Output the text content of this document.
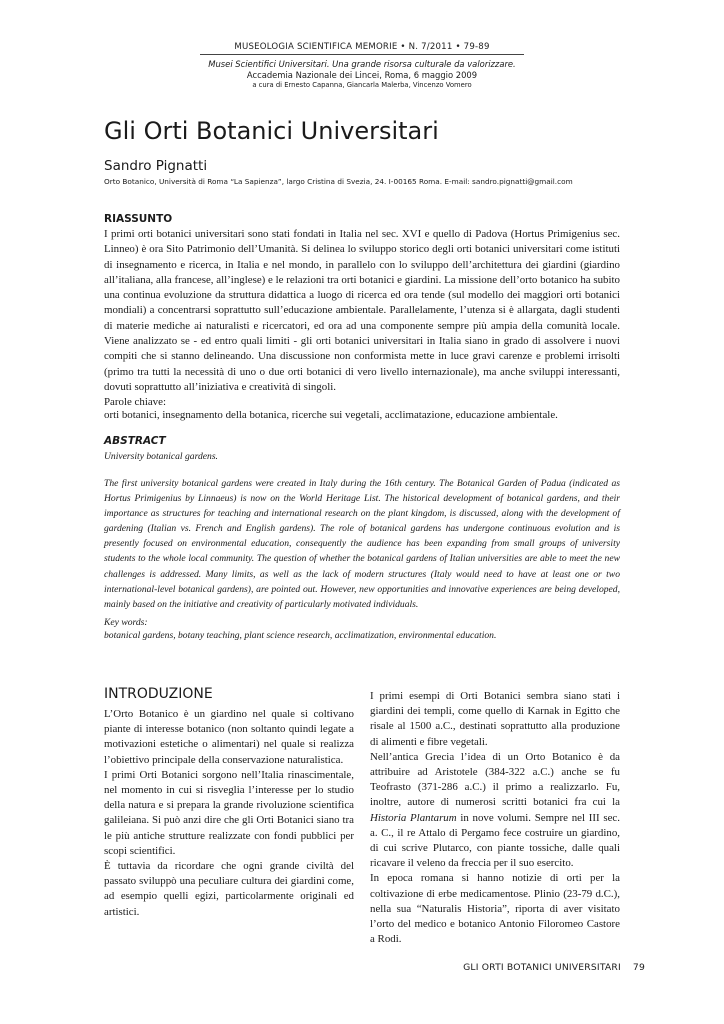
MUSEOLOGIA SCIENTIFICA MEMORIE • N. 7/2011 • 79-89
Musei Scientifici Universitari. Una grande risorsa culturale da valorizzare.
Accademia Nazionale dei Lincei, Roma, 6 maggio 2009
a cura di Ernesto Capanna, Giancarla Malerba, Vincenzo Vomero
Gli Orti Botanici Universitari
Sandro Pignatti
Orto Botanico, Università di Roma “La Sapienza”, largo Cristina di Svezia, 24. I-00165 Roma. E-mail: sandro.pignatti@gmail.com
RIASSUNTO
I primi orti botanici universitari sono stati fondati in Italia nel sec. XVI e quello di Padova (Hortus Primigenius sec. Linneo) è ora Sito Patrimonio dell’Umanità. Si delinea lo sviluppo storico degli orti botanici universitari come istituti di insegnamento e ricerca, in Italia e nel mondo, in parallelo con lo sviluppo dell’architettura dei giardini (giardino all’italiana, alla francese, all’inglese) e le relazioni tra orti botanici e giardini. La missione dell’orto botanico ha subito una continua evoluzione da struttura didattica a luogo di ricerca ed ora tende (sul modello dei maggiori orti botanici mondiali) a concentrarsi soprattutto sull’educazione ambientale. Parallelamente, l’utenza si è allargata, dagli studenti di materie mediche ai naturalisti e ricercatori, ed ora ad una componente sempre più ampia della comunità locale. Viene analizzato se - ed entro quali limiti - gli orti botanici universitari in Italia siano in grado di assolvere i nuovi compiti che si stanno delineando. Una discussione non conformista mette in luce gravi carenze e problemi irrisolti (primo tra tutti la necessità di uno o due orti botanici di vero livello internazionale), ma anche sviluppi interessanti, dovuti soprattutto all’iniziativa e creatività di singoli.
Parole chiave:
orti botanici, insegnamento della botanica, ricerche sui vegetali, acclimatazione, educazione ambientale.
ABSTRACT
University botanical gardens.
The first university botanical gardens were created in Italy during the 16th century. The Botanical Garden of Padua (indicated as Hortus Primigenius by Linnaeus) is now on the World Heritage List. The historical development of botanical gardens, and their importance as structures for teaching and international research on the plant kingdom, is discussed, along with the development of gardening (Italian vs. French and English gardens). The role of botanical gardens has undergone continuous evolution and is presently focused on environmental education, consequently the audience has been expanding from small groups of university students to the whole local community. The question of whether the botanical gardens of Italian universities are able to meet the new challenges is addressed. Many limits, as well as the lack of modern structures (Italy would need to have at least one or two international-level botanical gardens), are pointed out. However, new opportunities and innovative experiences are being developed, mainly based on the initiative and creativity of particularly motivated individuals.
Key words:
botanical gardens, botany teaching, plant science research, acclimatization, environmental education.
INTRODUZIONE

L’Orto Botanico è un giardino nel quale si coltivano piante di interesse botanico (non soltanto quindi legate a motivazioni estetiche o alimentari) nel quale si realizza l’obiettivo principale della conservazione naturalistica.

I primi Orti Botanici sorgono nell’Italia rinascimentale, nel momento in cui si risveglia l’interesse per lo studio della natura e si prepara la grande rivoluzione scientifica galileiana. Si può anzi dire che gli Orti Botanici siano tra le più antiche strutture realizzate con fondi pubblici per scopi scientifici.

È tuttavia da ricordare che ogni grande civiltà del passato sviluppò una peculiare cultura dei giardini come, ad esempio quelli egizi, particolarmente originali ed artistici.

I primi esempi di Orti Botanici sembra siano stati i giardini dei templi, come quello di Karnak in Egitto che risale al 1500 a.C., destinati soprattutto alla produzione di alimenti e fibre vegetali.

Nell’antica Grecia l’idea di un Orto Botanico è da attribuire ad Aristotele (384-322 a.C.) anche se fu Teofrasto (371-286 a.C.) il primo a realizzarlo. Fu, inoltre, autore di numerosi scritti botanici fra cui la Historia Plantarum in nove volumi. Sempre nel III sec. a. C., il re Attalo di Pergamo fece costruire un giardino, di cui scrive Plutarco, con piante tossiche, dalle quali ricavare il veleno da freccia per il suo esercito.

In epoca romana si hanno notizie di orti per la coltivazione di erbe medicamentose. Plinio (23-79 d.C.), nella sua “Naturalis Historia”, riporta di aver visitato l’orto del medico e botanico Antonio Filoromeo Castore a Rodi.

GLI ORTI BOTANICI UNIVERSITARI 79
